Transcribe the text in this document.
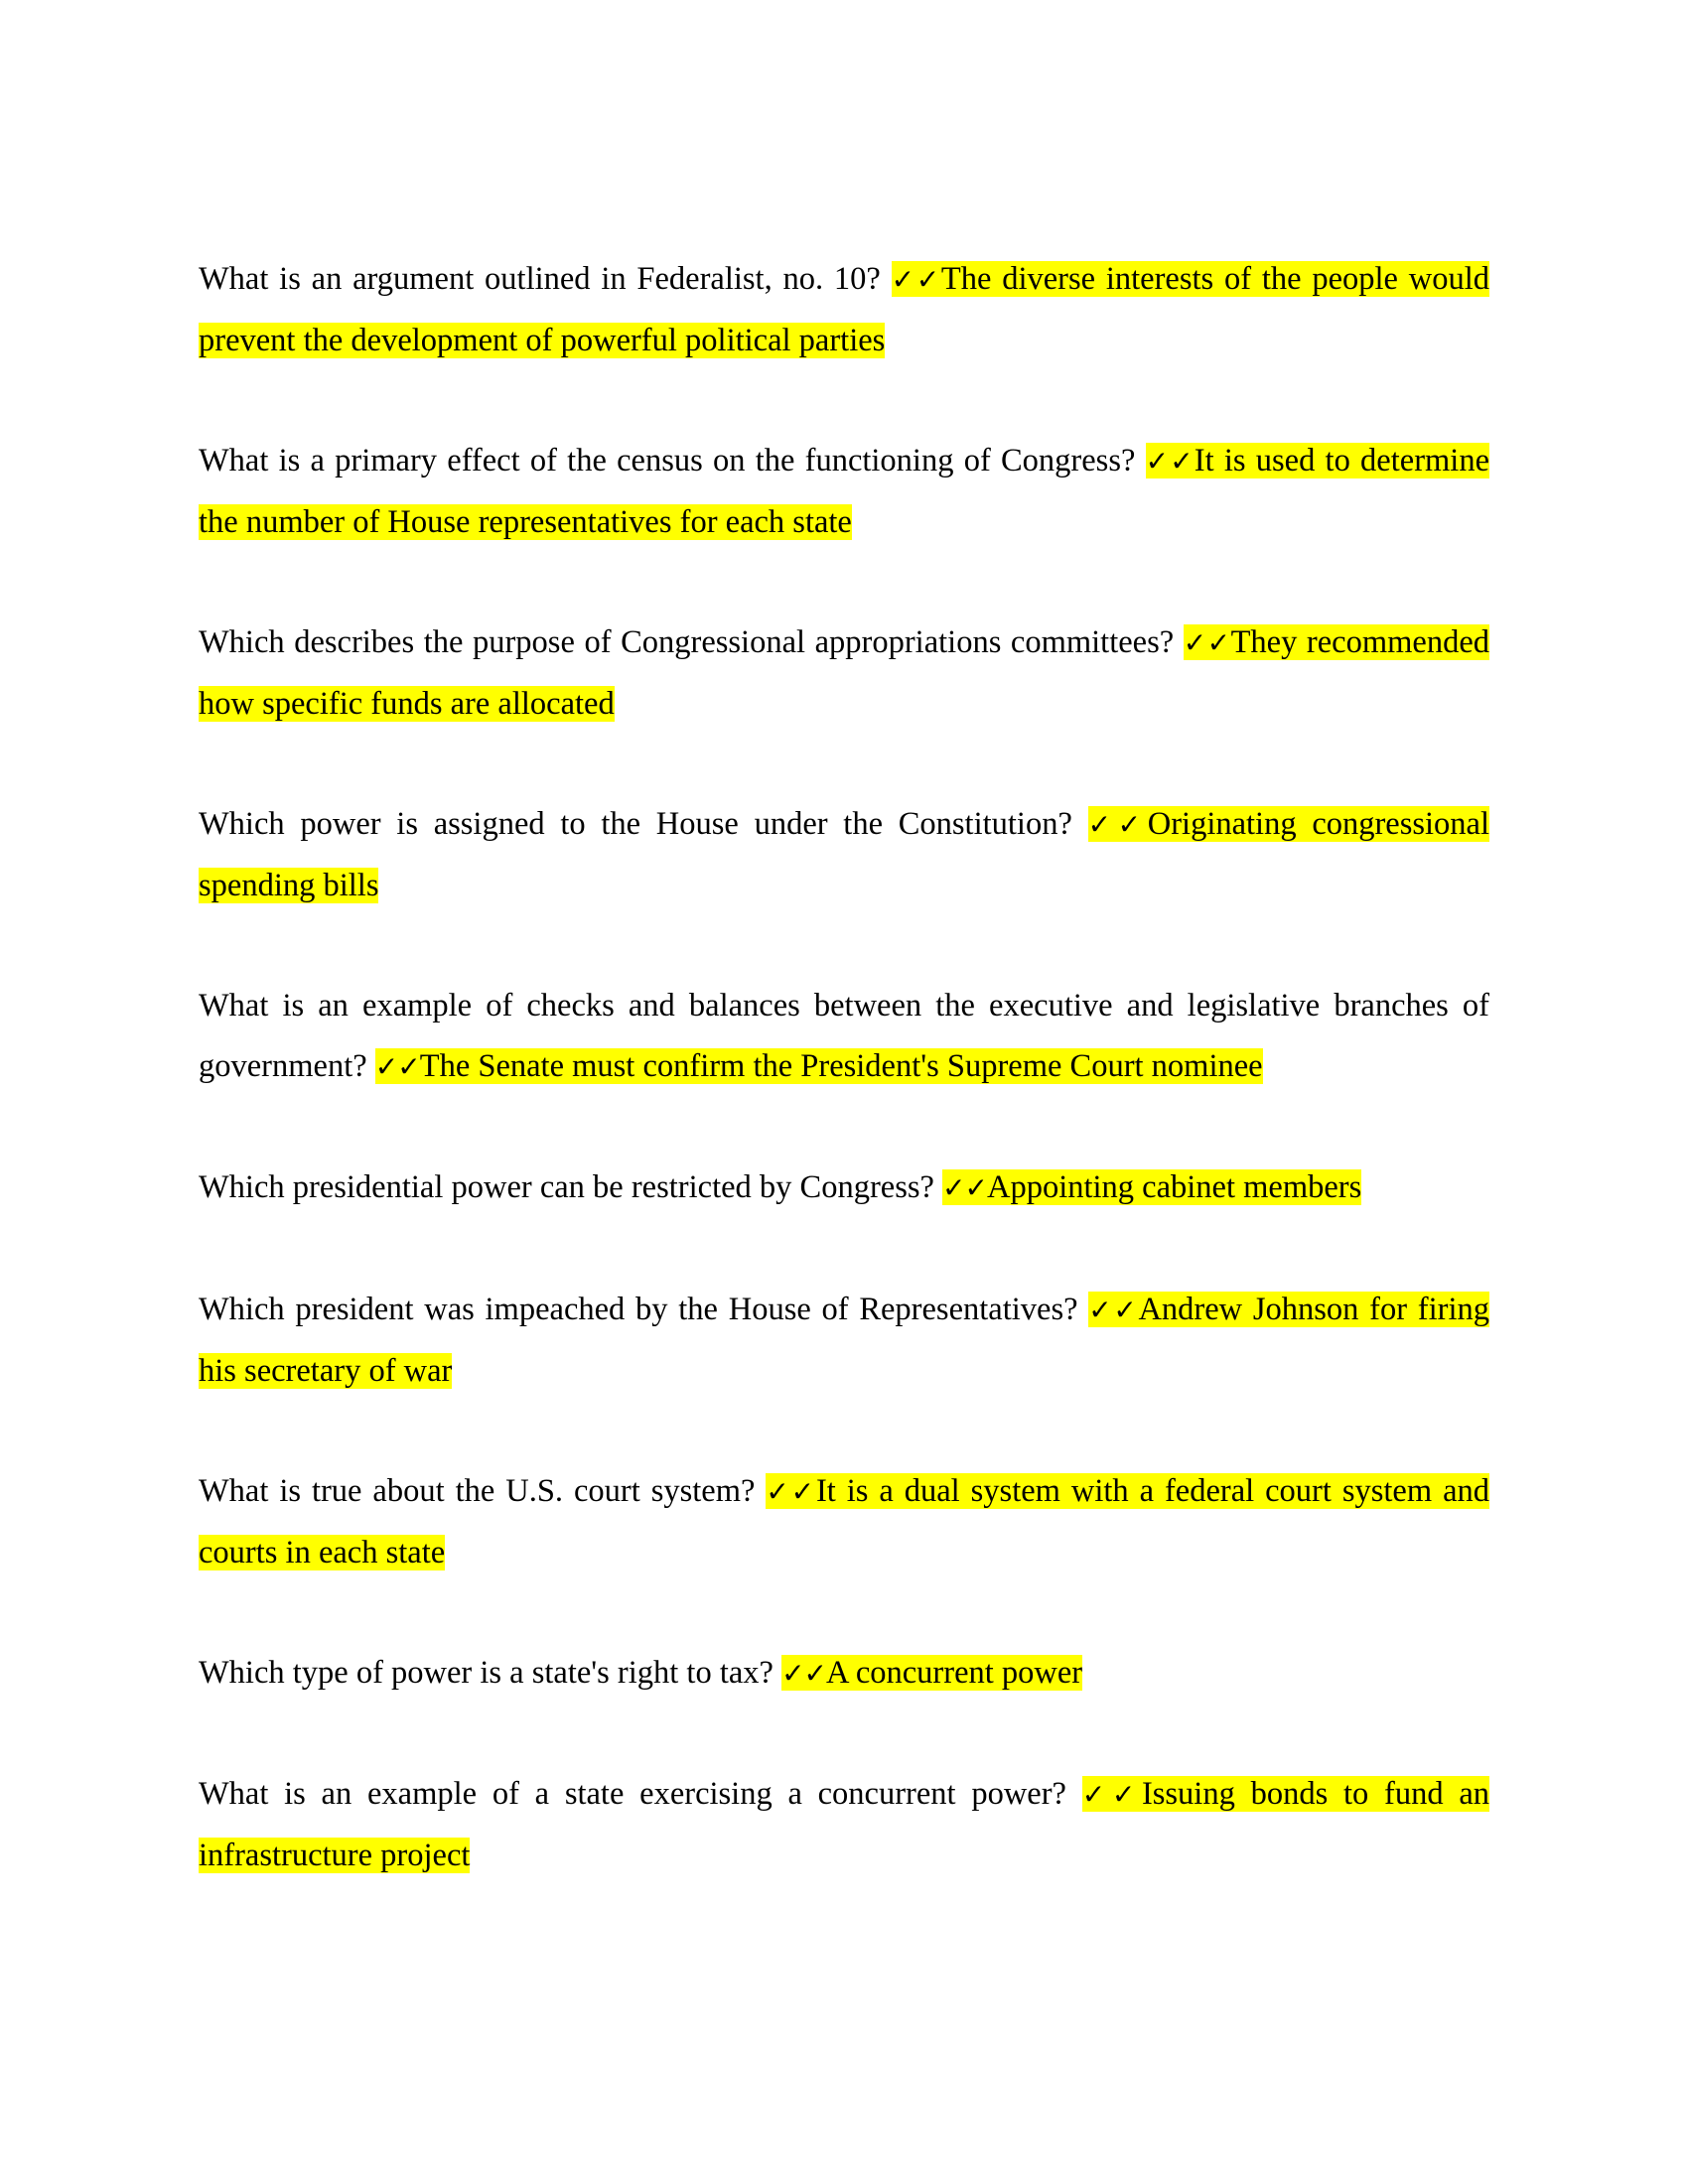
What is an argument outlined in Federalist, no. 10? ✓✓The diverse interests of the people would prevent the development of powerful political parties

What is a primary effect of the census on the functioning of Congress? ✓✓It is used to determine the number of House representatives for each state

Which describes the purpose of Congressional appropriations committees? ✓✓They recommended how specific funds are allocated

Which power is assigned to the House under the Constitution? ✓✓Originating congressional spending bills

What is an example of checks and balances between the executive and legislative branches of government? ✓✓The Senate must confirm the President's Supreme Court nominee

Which presidential power can be restricted by Congress? ✓✓Appointing cabinet members

Which president was impeached by the House of Representatives? ✓✓Andrew Johnson for firing his secretary of war

What is true about the U.S. court system? ✓✓It is a dual system with a federal court system and courts in each state

Which type of power is a state's right to tax? ✓✓A concurrent power

What is an example of a state exercising a concurrent power? ✓✓Issuing bonds to fund an infrastructure project
